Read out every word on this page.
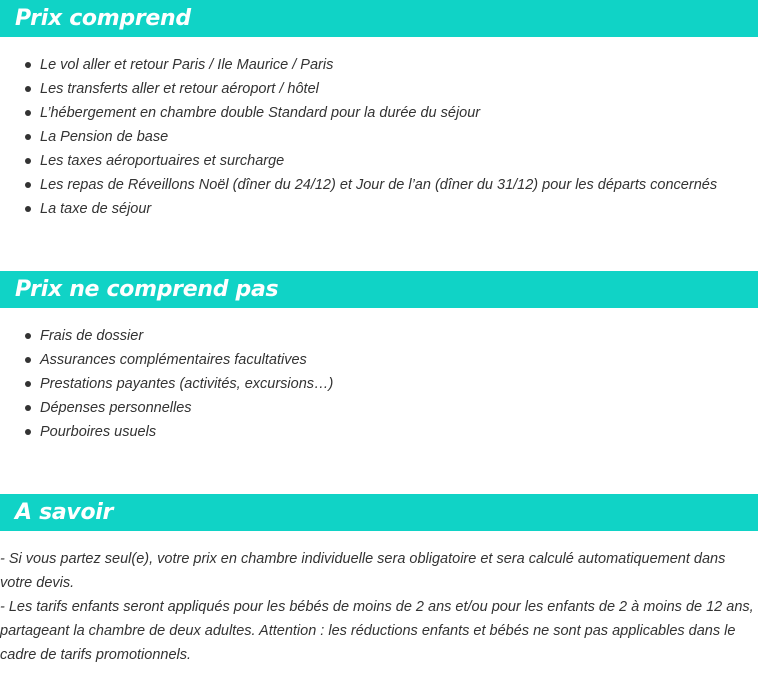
Prix comprend
Le vol aller et retour Paris / Ile Maurice / Paris
Les transferts aller et retour aéroport / hôtel
L’hébergement en chambre double Standard pour la durée du séjour
La Pension de base
Les taxes aéroportuaires et surcharge
Les repas de Réveillons Noël (dîner du 24/12) et Jour de l’an (dîner du 31/12) pour les départs concernés
La taxe de séjour
Prix ne comprend pas
Frais de dossier
Assurances complémentaires facultatives
Prestations payantes (activités, excursions…)
Dépenses personnelles
Pourboires usuels
A savoir

- Si vous partez seul(e), votre prix en chambre individuelle sera obligatoire et sera calculé automatiquement dans votre devis.

- Les tarifs enfants seront appliqués pour les bébés de moins de 2 ans et/ou pour les enfants de 2 à moins de 12 ans, partageant la chambre de deux adultes. Attention : les réductions enfants et bébés ne sont pas applicables dans le cadre de tarifs promotionnels.
